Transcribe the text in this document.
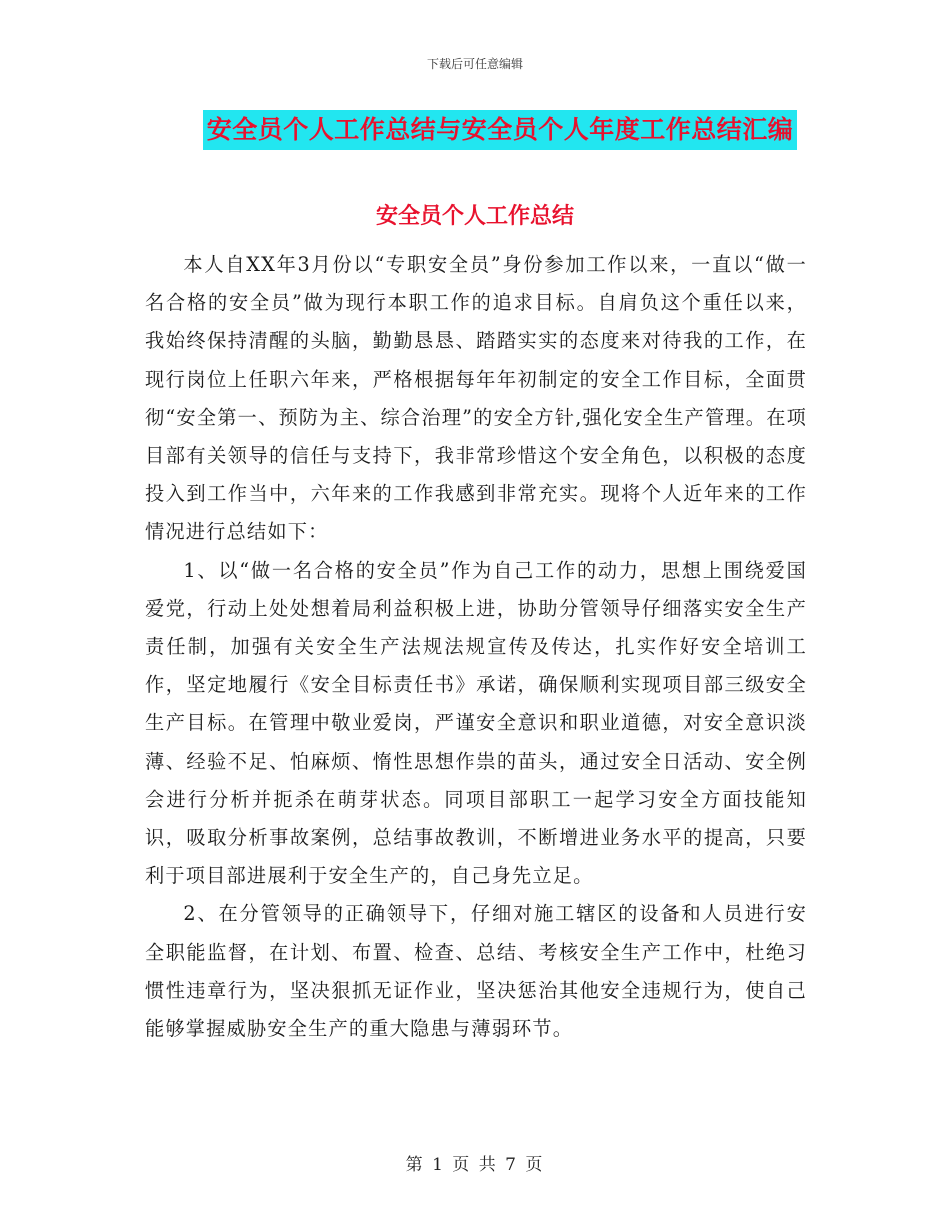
下载后可任意编辑
安全员个人工作总结与安全员个人年度工作总结汇编
安全员个人工作总结

本人自XX年3月份以“专职安全员”身份参加工作以来，一直以“做一名合格的安全员”做为现行本职工作的追求目标。自肩负这个重任以来，我始终保持清醒的头脑，勤勤恳恳、踏踏实实的态度来对待我的工作，在现行岗位上任职六年来，严格根据每年年初制定的安全工作目标，全面贯彻“安全第一、预防为主、综合治理”的安全方针,强化安全生产管理。在项目部有关领导的信任与支持下，我非常珍惜这个安全角色，以积极的态度投入到工作当中，六年来的工作我感到非常充实。现将个人近年来的工作情况进行总结如下：

1、以“做一名合格的安全员”作为自己工作的动力，思想上围绕爱国爱党，行动上处处想着局利益积极上进，协助分管领导仔细落实安全生产责任制，加强有关安全生产法规法规宣传及传达，扎实作好安全培训工作，坚定地履行《安全目标责任书》承诺，确保顺利实现项目部三级安全生产目标。在管理中敬业爱岗，严谨安全意识和职业道德，对安全意识淡薄、经验不足、怕麻烦、惰性思想作祟的苗头，通过安全日活动、安全例会进行分析并扼杀在萌芽状态。同项目部职工一起学习安全方面技能知识，吸取分析事故案例，总结事故教训，不断增进业务水平的提高，只要利于项目部进展利于安全生产的，自己身先立足。

2、在分管领导的正确领导下，仔细对施工辖区的设备和人员进行安全职能监督，在计划、布置、检查、总结、考核安全生产工作中，杜绝习惯性违章行为，坚决狠抓无证作业，坚决惩治其他安全违规行为，使自己能够掌握威胁安全生产的重大隐患与薄弱环节。

第 1 页 共 7 页
